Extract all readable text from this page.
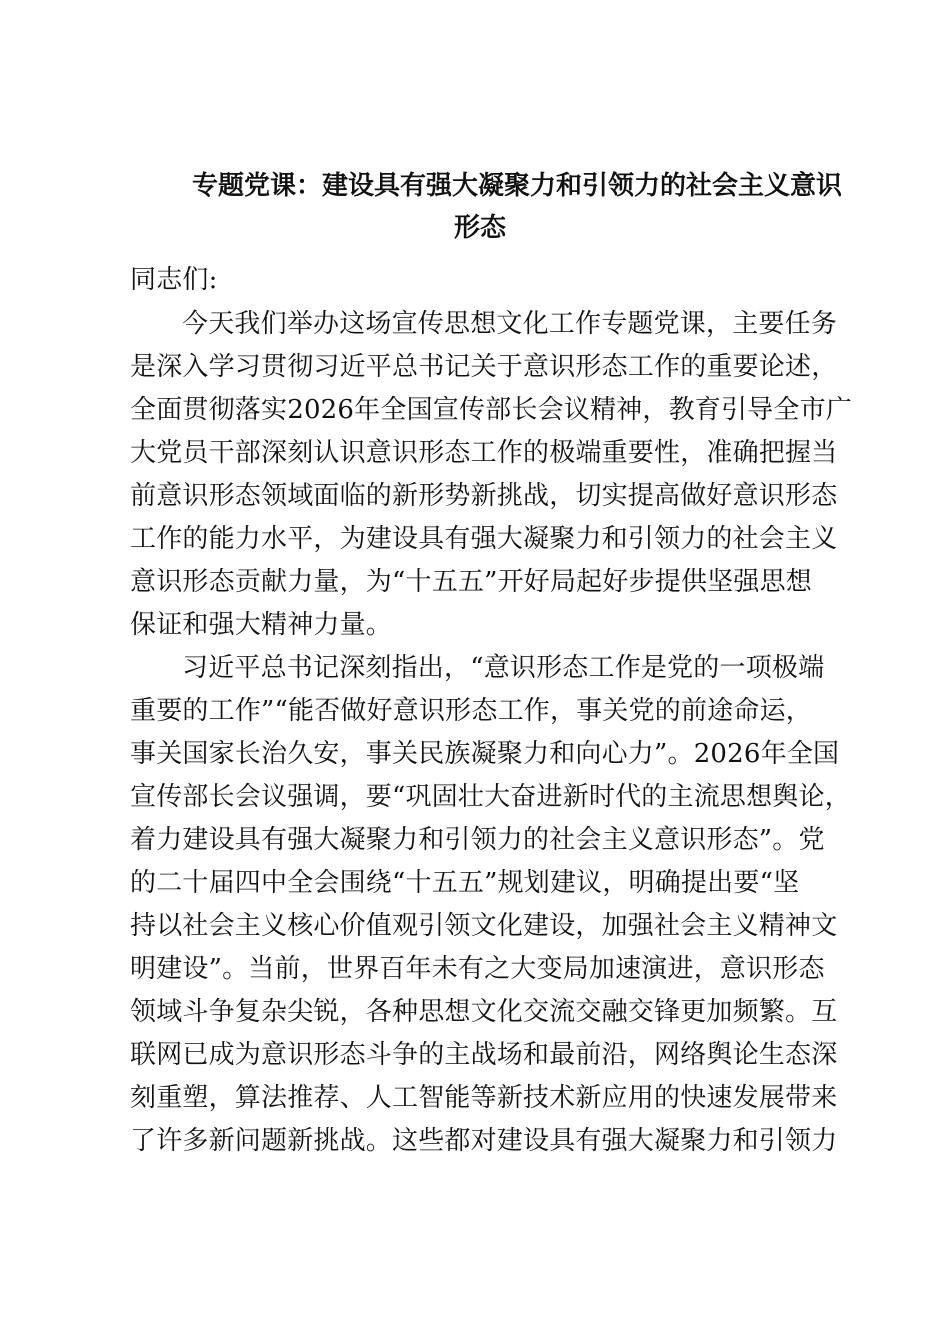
专题党课：建设具有强大凝聚力和引领力的社会主义意识
形态
同志们:
今天我们举办这场宣传思想文化工作专题党课，主要任务
是深入学习贯彻习近平总书记关于意识形态工作的重要论述，
全面贯彻落实2026年全国宣传部长会议精神，教育引导全市广
大党员干部深刻认识意识形态工作的极端重要性，准确把握当
前意识形态领域面临的新形势新挑战，切实提高做好意识形态
工作的能力水平，为建设具有强大凝聚力和引领力的社会主义
意识形态贡献力量，为“十五五”开好局起好步提供坚强思想
保证和强大精神力量。
习近平总书记深刻指出，“意识形态工作是党的一项极端
重要的工作”“能否做好意识形态工作，事关党的前途命运，
事关国家长治久安，事关民族凝聚力和向心力”。2026年全国
宣传部长会议强调，要“巩固壮大奋进新时代的主流思想舆论，
着力建设具有强大凝聚力和引领力的社会主义意识形态”。党
的二十届四中全会围绕“十五五”规划建议，明确提出要“坚
持以社会主义核心价值观引领文化建设，加强社会主义精神文
明建设”。当前，世界百年未有之大变局加速演进，意识形态
领域斗争复杂尖锐，各种思想文化交流交融交锋更加频繁。互
联网已成为意识形态斗争的主战场和最前沿，网络舆论生态深
刻重塑，算法推荐、人工智能等新技术新应用的快速发展带来
了许多新问题新挑战。这些都对建设具有强大凝聚力和引领力
